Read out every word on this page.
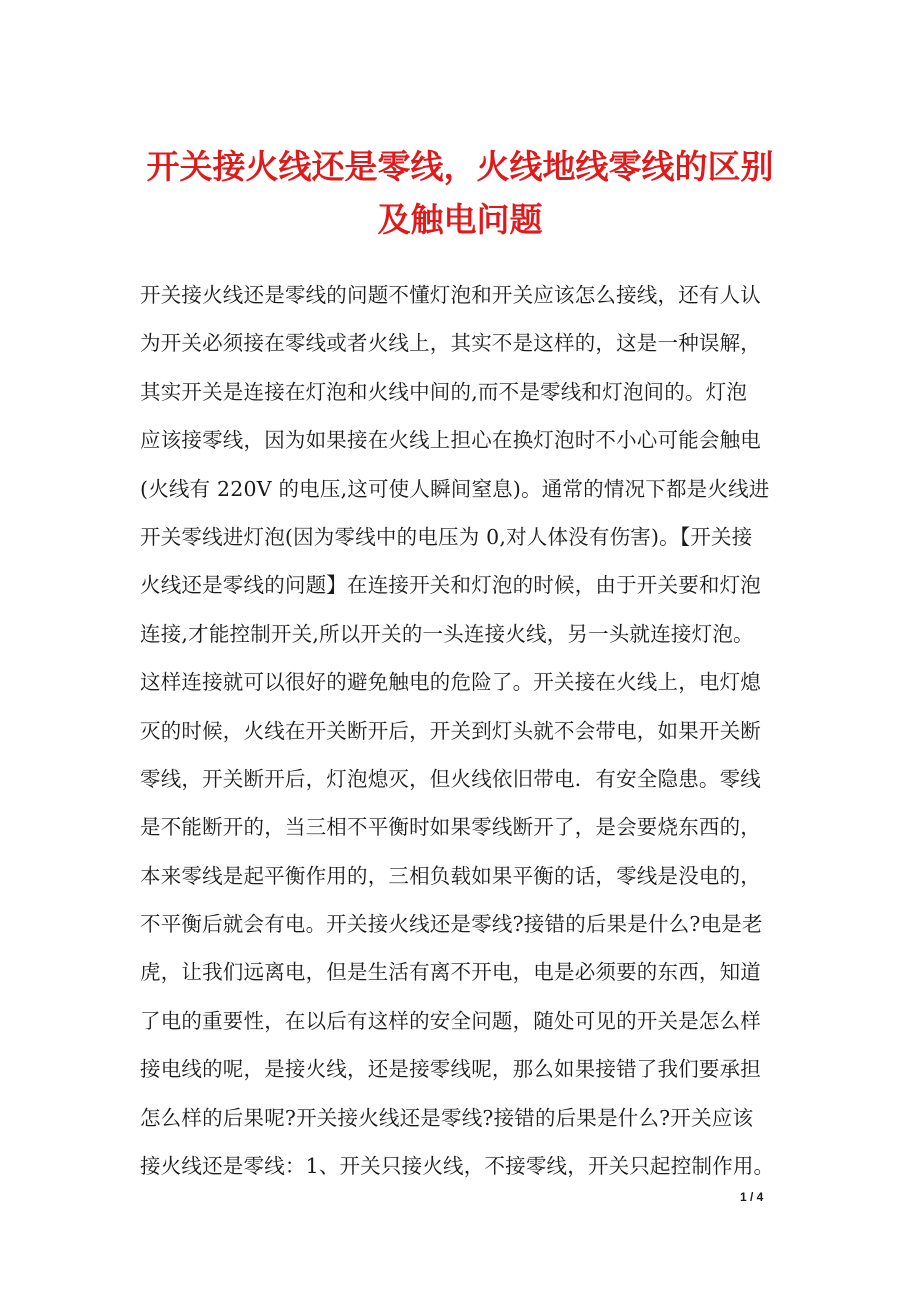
开关接火线还是零线，火线地线零线的区别
及触电问题
开关接火线还是零线的问题不懂灯泡和开关应该怎么接线，还有人认
为开关必须接在零线或者火线上，其实不是这样的，这是一种误解，
其实开关是连接在灯泡和火线中间的,而不是零线和灯泡间的。灯泡
应该接零线，因为如果接在火线上担心在换灯泡时不小心可能会触电
(火线有 220V 的电压,这可使人瞬间窒息)。通常的情况下都是火线进
开关零线进灯泡(因为零线中的电压为 0,对人体没有伤害)。【开关接
火线还是零线的问题】在连接开关和灯泡的时候，由于开关要和灯泡
连接,才能控制开关,所以开关的一头连接火线，另一头就连接灯泡。
这样连接就可以很好的避免触电的危险了。开关接在火线上，电灯熄
灭的时候，火线在开关断开后，开关到灯头就不会带电，如果开关断
零线，开关断开后，灯泡熄灭，但火线依旧带电．有安全隐患。零线
是不能断开的，当三相不平衡时如果零线断开了，是会要烧东西的，
本来零线是起平衡作用的，三相负载如果平衡的话，零线是没电的，
不平衡后就会有电。开关接火线还是零线?接错的后果是什么?电是老
虎，让我们远离电，但是生活有离不开电，电是必须要的东西，知道
了电的重要性，在以后有这样的安全问题，随处可见的开关是怎么样
接电线的呢，是接火线，还是接零线呢，那么如果接错了我们要承担
怎么样的后果呢?开关接火线还是零线?接错的后果是什么?开关应该
接火线还是零线：1、开关只接火线，不接零线，开关只起控制作用。
1 / 4
